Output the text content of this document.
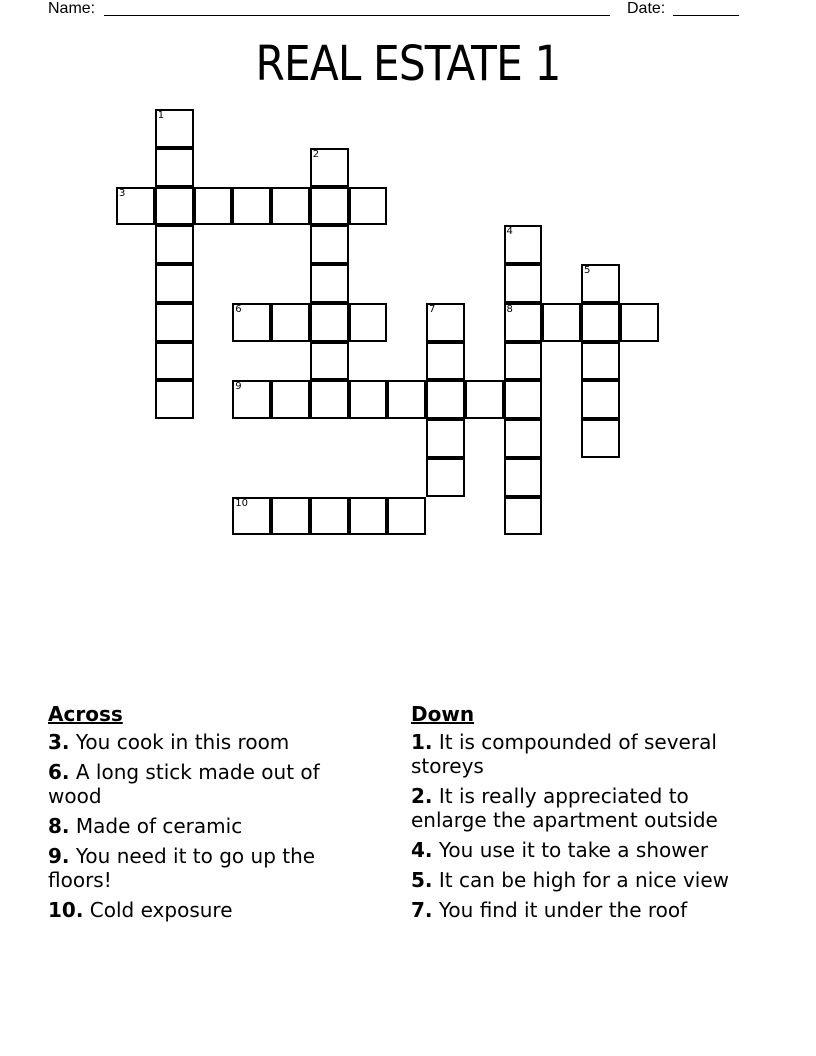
Name:	Date:
REAL ESTATE 1
1
2
3
4
8
5
6	7
9
10
Across
3. You cook in this room
6. A long stick made out of wood
8. Made of ceramic
9. You need it to go up the floors!
10. Cold exposure
Down
1. It is compounded of several storeys
2. It is really appreciated to enlarge the apartment outside
4. You use it to take a shower
5. It can be high for a nice view
7. You find it under the roof
